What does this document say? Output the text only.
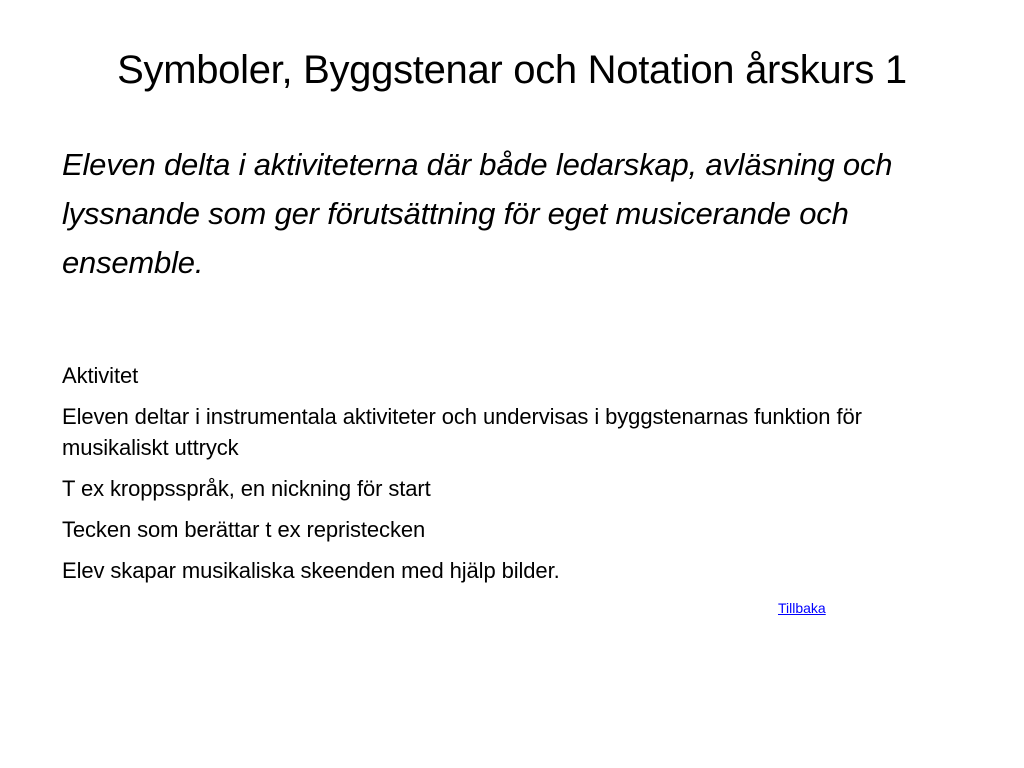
Symboler, Byggstenar och Notation årskurs 1
Eleven delta i aktiviteterna där både ledarskap, avläsning och lyssnande som ger förutsättning för eget musicerande och ensemble.

Aktivitet

Eleven deltar i instrumentala aktiviteter och undervisas i byggstenarnas funktion för musikaliskt uttryck

T ex kroppsspråk, en nickning för start

Tecken som berättar t ex repristecken

Elev skapar musikaliska skeenden med hjälp bilder.

Tillbaka
